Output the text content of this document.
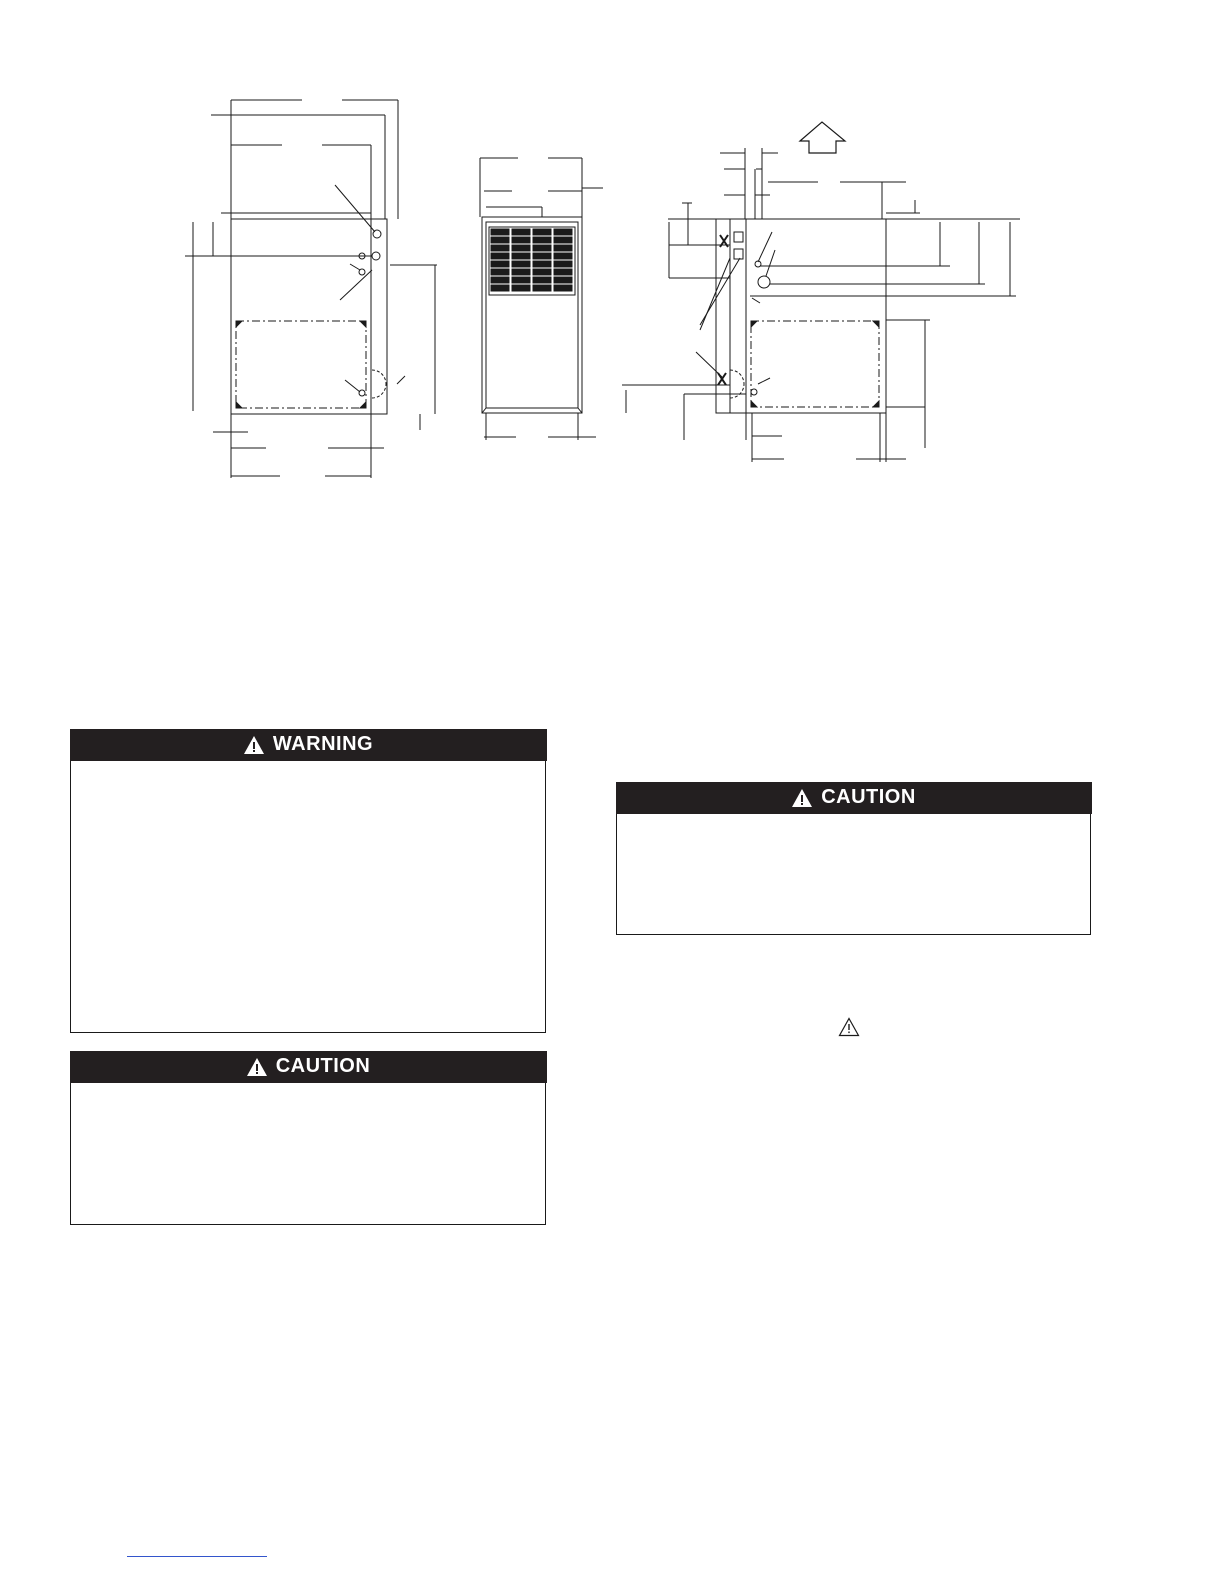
WARNING
CAUTION
CAUTION
